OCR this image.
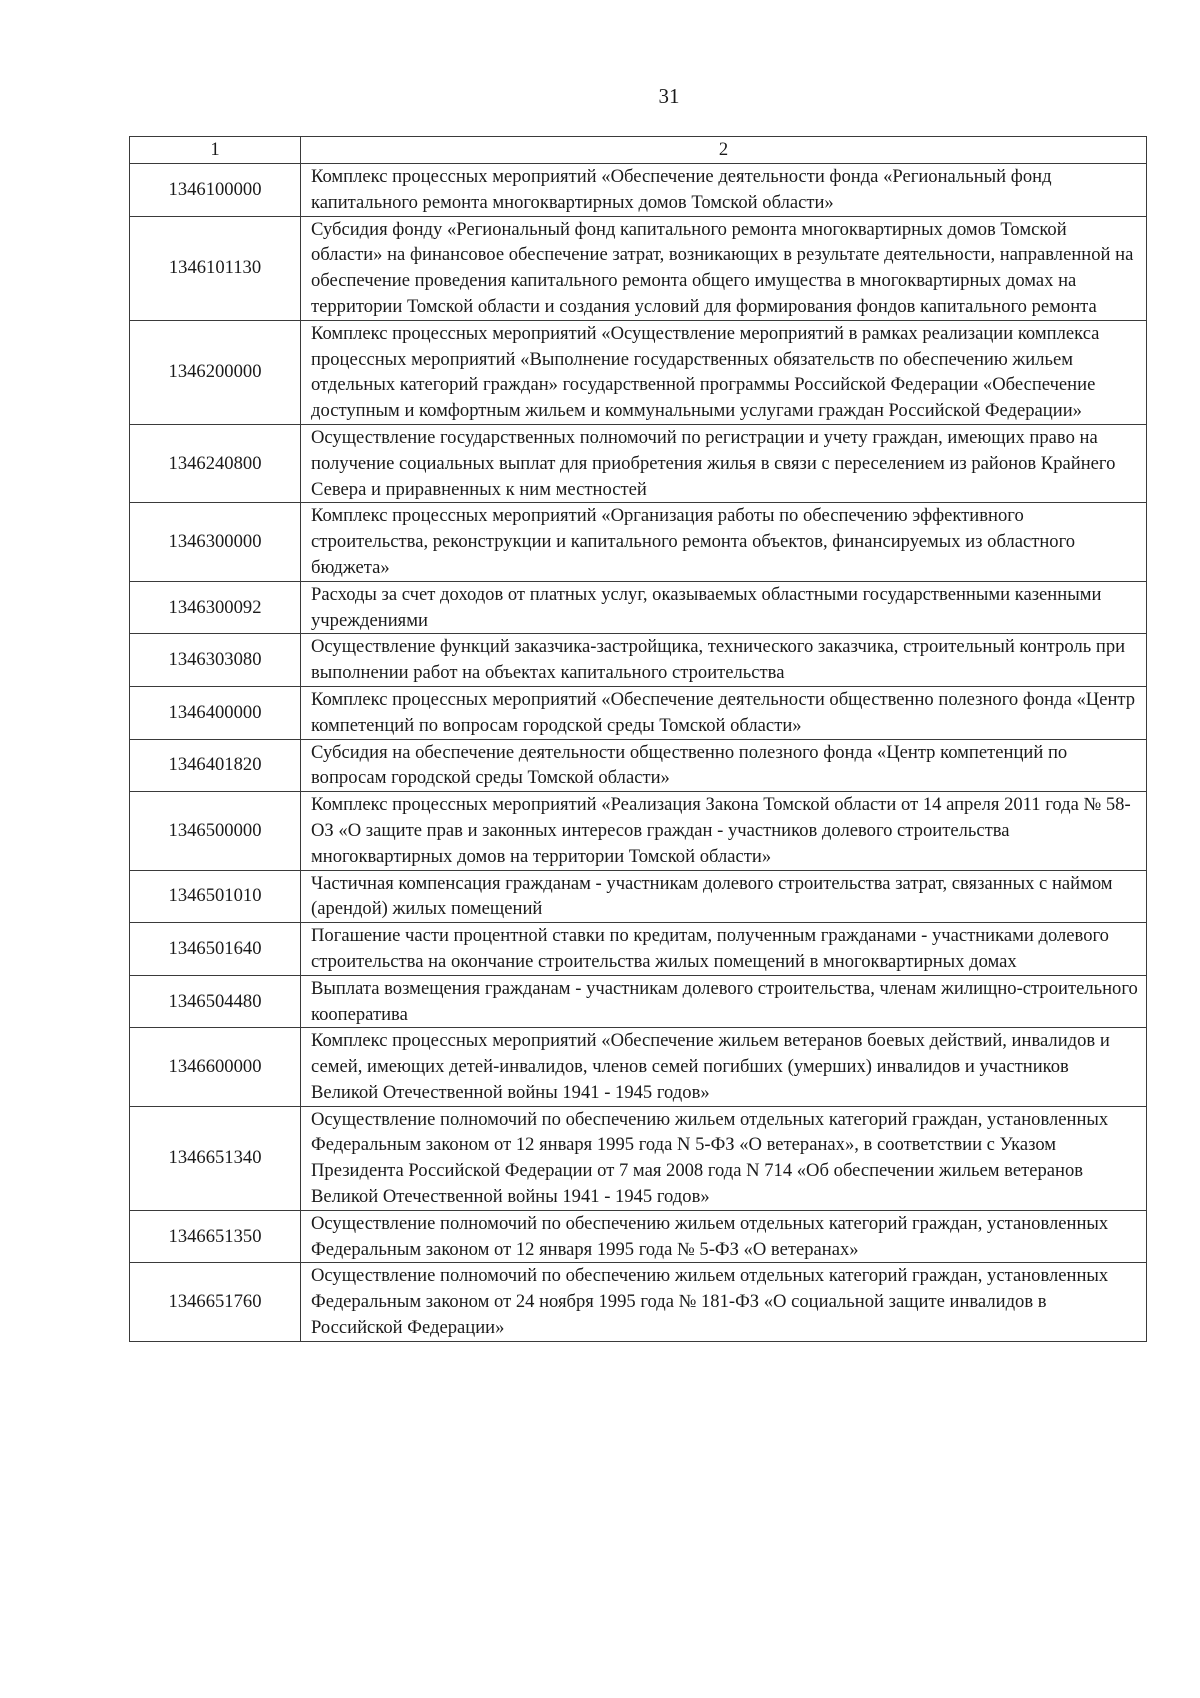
31
1	2
1346100000	Комплекс процессных мероприятий «Обеспечение деятельности фонда «Региональный фонд капитального ремонта многоквартирных домов Томской области»
1346101130	Субсидия фонду «Региональный фонд капитального ремонта многоквартирных домов Томской области» на финансовое обеспечение затрат, возникающих в результате деятельности, направленной на обеспечение проведения капитального ремонта общего имущества в многоквартирных домах на территории Томской области и создания условий для формирования фондов капитального ремонта
1346200000	Комплекс процессных мероприятий «Осуществление мероприятий в рамках реализации комплекса процессных мероприятий «Выполнение государственных обязательств по обеспечению жильем отдельных категорий граждан» государственной программы Российской Федерации «Обеспечение доступным и комфортным жильем и коммунальными услугами граждан Российской Федерации»
1346240800	Осуществление государственных полномочий по регистрации и учету граждан, имеющих право на получение социальных выплат для приобретения жилья в связи с переселением из районов Крайнего Севера и приравненных к ним местностей
1346300000	Комплекс процессных мероприятий «Организация работы по обеспечению эффективного строительства, реконструкции и капитального ремонта объектов, финансируемых из областного бюджета»
1346300092	Расходы за счет доходов от платных услуг, оказываемых областными государственными казенными учреждениями
1346303080	Осуществление функций заказчика-застройщика, технического заказчика, строительный контроль при выполнении работ на объектах капитального строительства
1346400000	Комплекс процессных мероприятий «Обеспечение деятельности общественно полезного фонда «Центр компетенций по вопросам городской среды Томской области»
1346401820	Субсидия на обеспечение деятельности общественно полезного фонда «Центр компетенций по вопросам городской среды Томской области»
1346500000	Комплекс процессных мероприятий «Реализация Закона Томской области от 14 апреля 2011 года № 58-ОЗ «О защите прав и законных интересов граждан - участников долевого строительства многоквартирных домов на территории Томской области»
1346501010	Частичная компенсация гражданам - участникам долевого строительства затрат, связанных с наймом (арендой) жилых помещений
1346501640	Погашение части процентной ставки по кредитам, полученным гражданами - участниками долевого строительства на окончание строительства жилых помещений в многоквартирных домах
1346504480	Выплата возмещения гражданам - участникам долевого строительства, членам жилищно-строительного кооператива
1346600000	Комплекс процессных мероприятий «Обеспечение жильем ветеранов боевых действий, инвалидов и семей, имеющих детей-инвалидов, членов семей погибших (умерших) инвалидов и участников Великой Отечественной войны 1941 - 1945 годов»
1346651340	Осуществление полномочий по обеспечению жильем отдельных категорий граждан, установленных Федеральным законом от 12 января 1995 года N 5-ФЗ «О ветеранах», в соответствии с Указом Президента Российской Федерации от 7 мая 2008 года N 714 «Об обеспечении жильем ветеранов Великой Отечественной войны 1941 - 1945 годов»
1346651350	Осуществление полномочий по обеспечению жильем отдельных категорий граждан, установленных Федеральным законом от 12 января 1995 года № 5-ФЗ «О ветеранах»
1346651760	Осуществление полномочий по обеспечению жильем отдельных категорий граждан, установленных Федеральным законом от 24 ноября 1995 года № 181-ФЗ «О социальной защите инвалидов в Российской Федерации»
